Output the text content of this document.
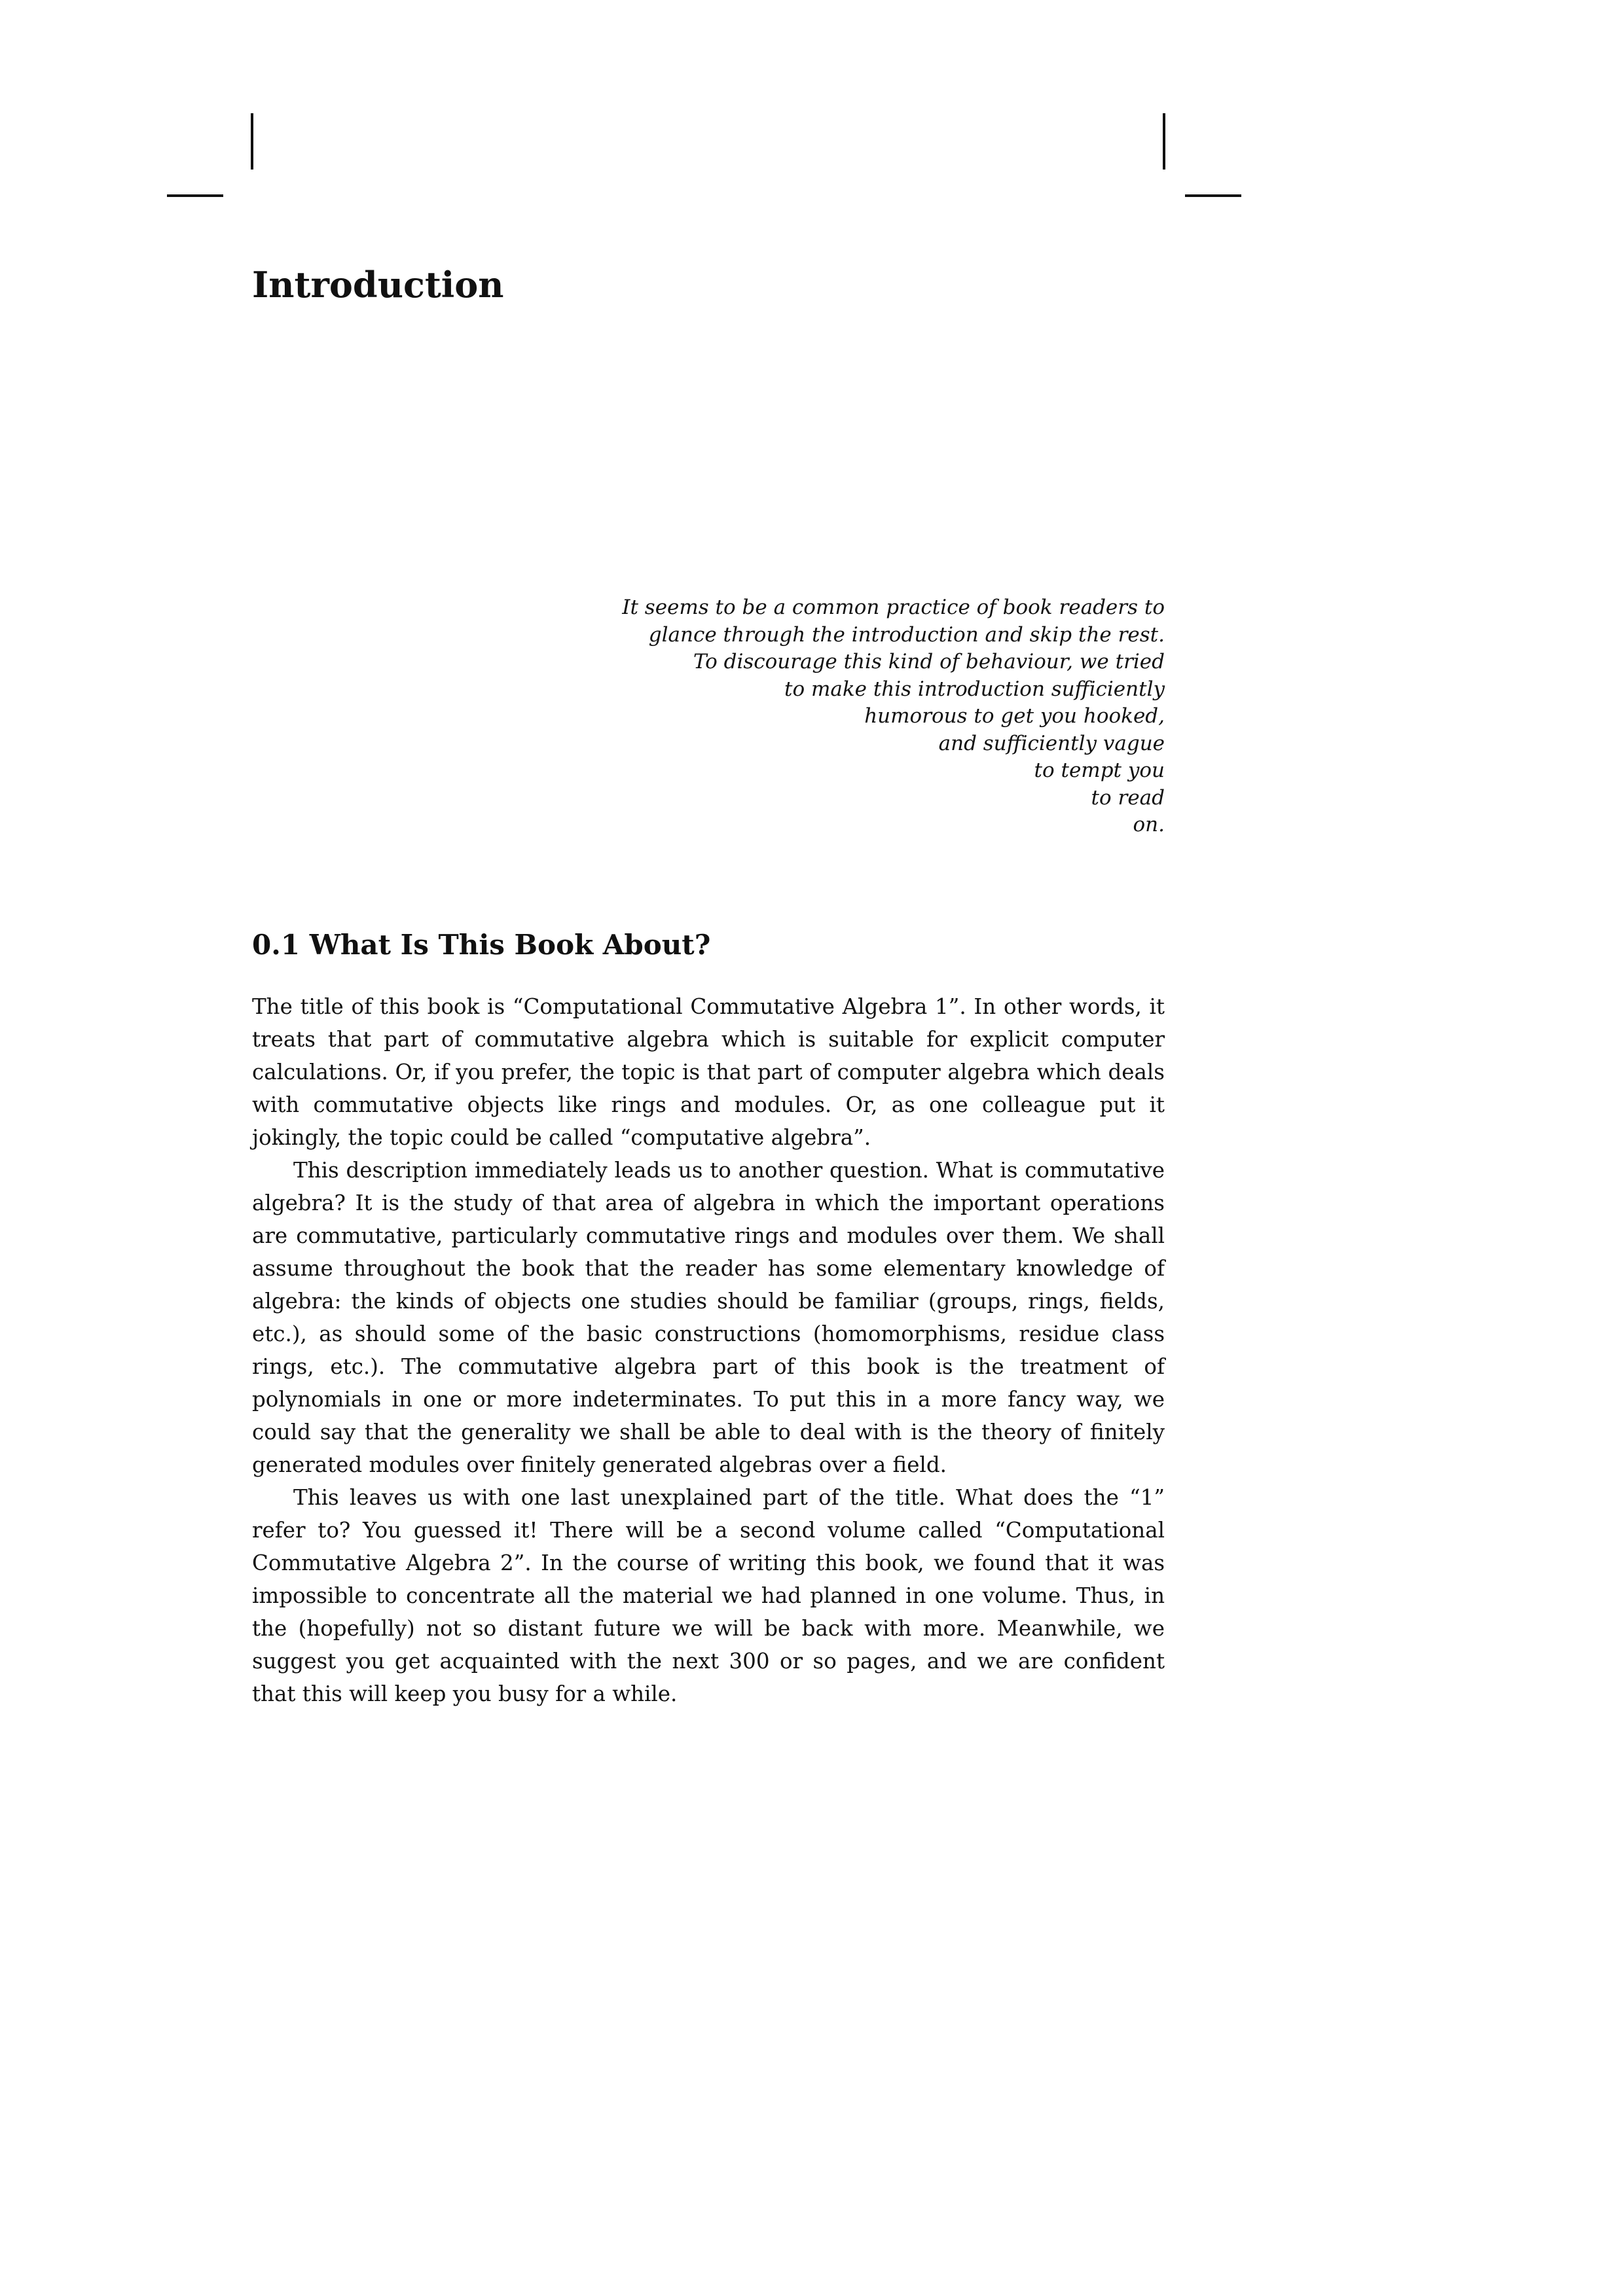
Introduction
It seems to be a common practice of book readers to
glance through the introduction and skip the rest.
To discourage this kind of behaviour, we tried
to make this introduction sufficiently
humorous to get you hooked,
and sufficiently vague
to tempt you
to read
on.
0.1 What Is This Book About?

The title of this book is “Computational Commutative Algebra 1”. In other words, it treats that part of commutative algebra which is suitable for explicit computer calculations. Or, if you prefer, the topic is that part of computer algebra which deals with commutative objects like rings and modules. Or, as one colleague put it jokingly, the topic could be called “computative algebra”.

This description immediately leads us to another question. What is commutative algebra? It is the study of that area of algebra in which the important operations are commutative, particularly commutative rings and modules over them. We shall assume throughout the book that the reader has some elementary knowledge of algebra: the kinds of objects one studies should be familiar (groups, rings, fields, etc.), as should some of the basic constructions (homomorphisms, residue class rings, etc.). The commutative algebra part of this book is the treatment of polynomials in one or more indeterminates. To put this in a more fancy way, we could say that the generality we shall be able to deal with is the theory of finitely generated modules over finitely generated algebras over a field.

This leaves us with one last unexplained part of the title. What does the “1” refer to? You guessed it! There will be a second volume called “Computational Commutative Algebra 2”. In the course of writing this book, we found that it was impossible to concentrate all the material we had planned in one volume. Thus, in the (hopefully) not so distant future we will be back with more. Meanwhile, we suggest you get acquainted with the next 300 or so pages, and we are confident that this will keep you busy for a while.
